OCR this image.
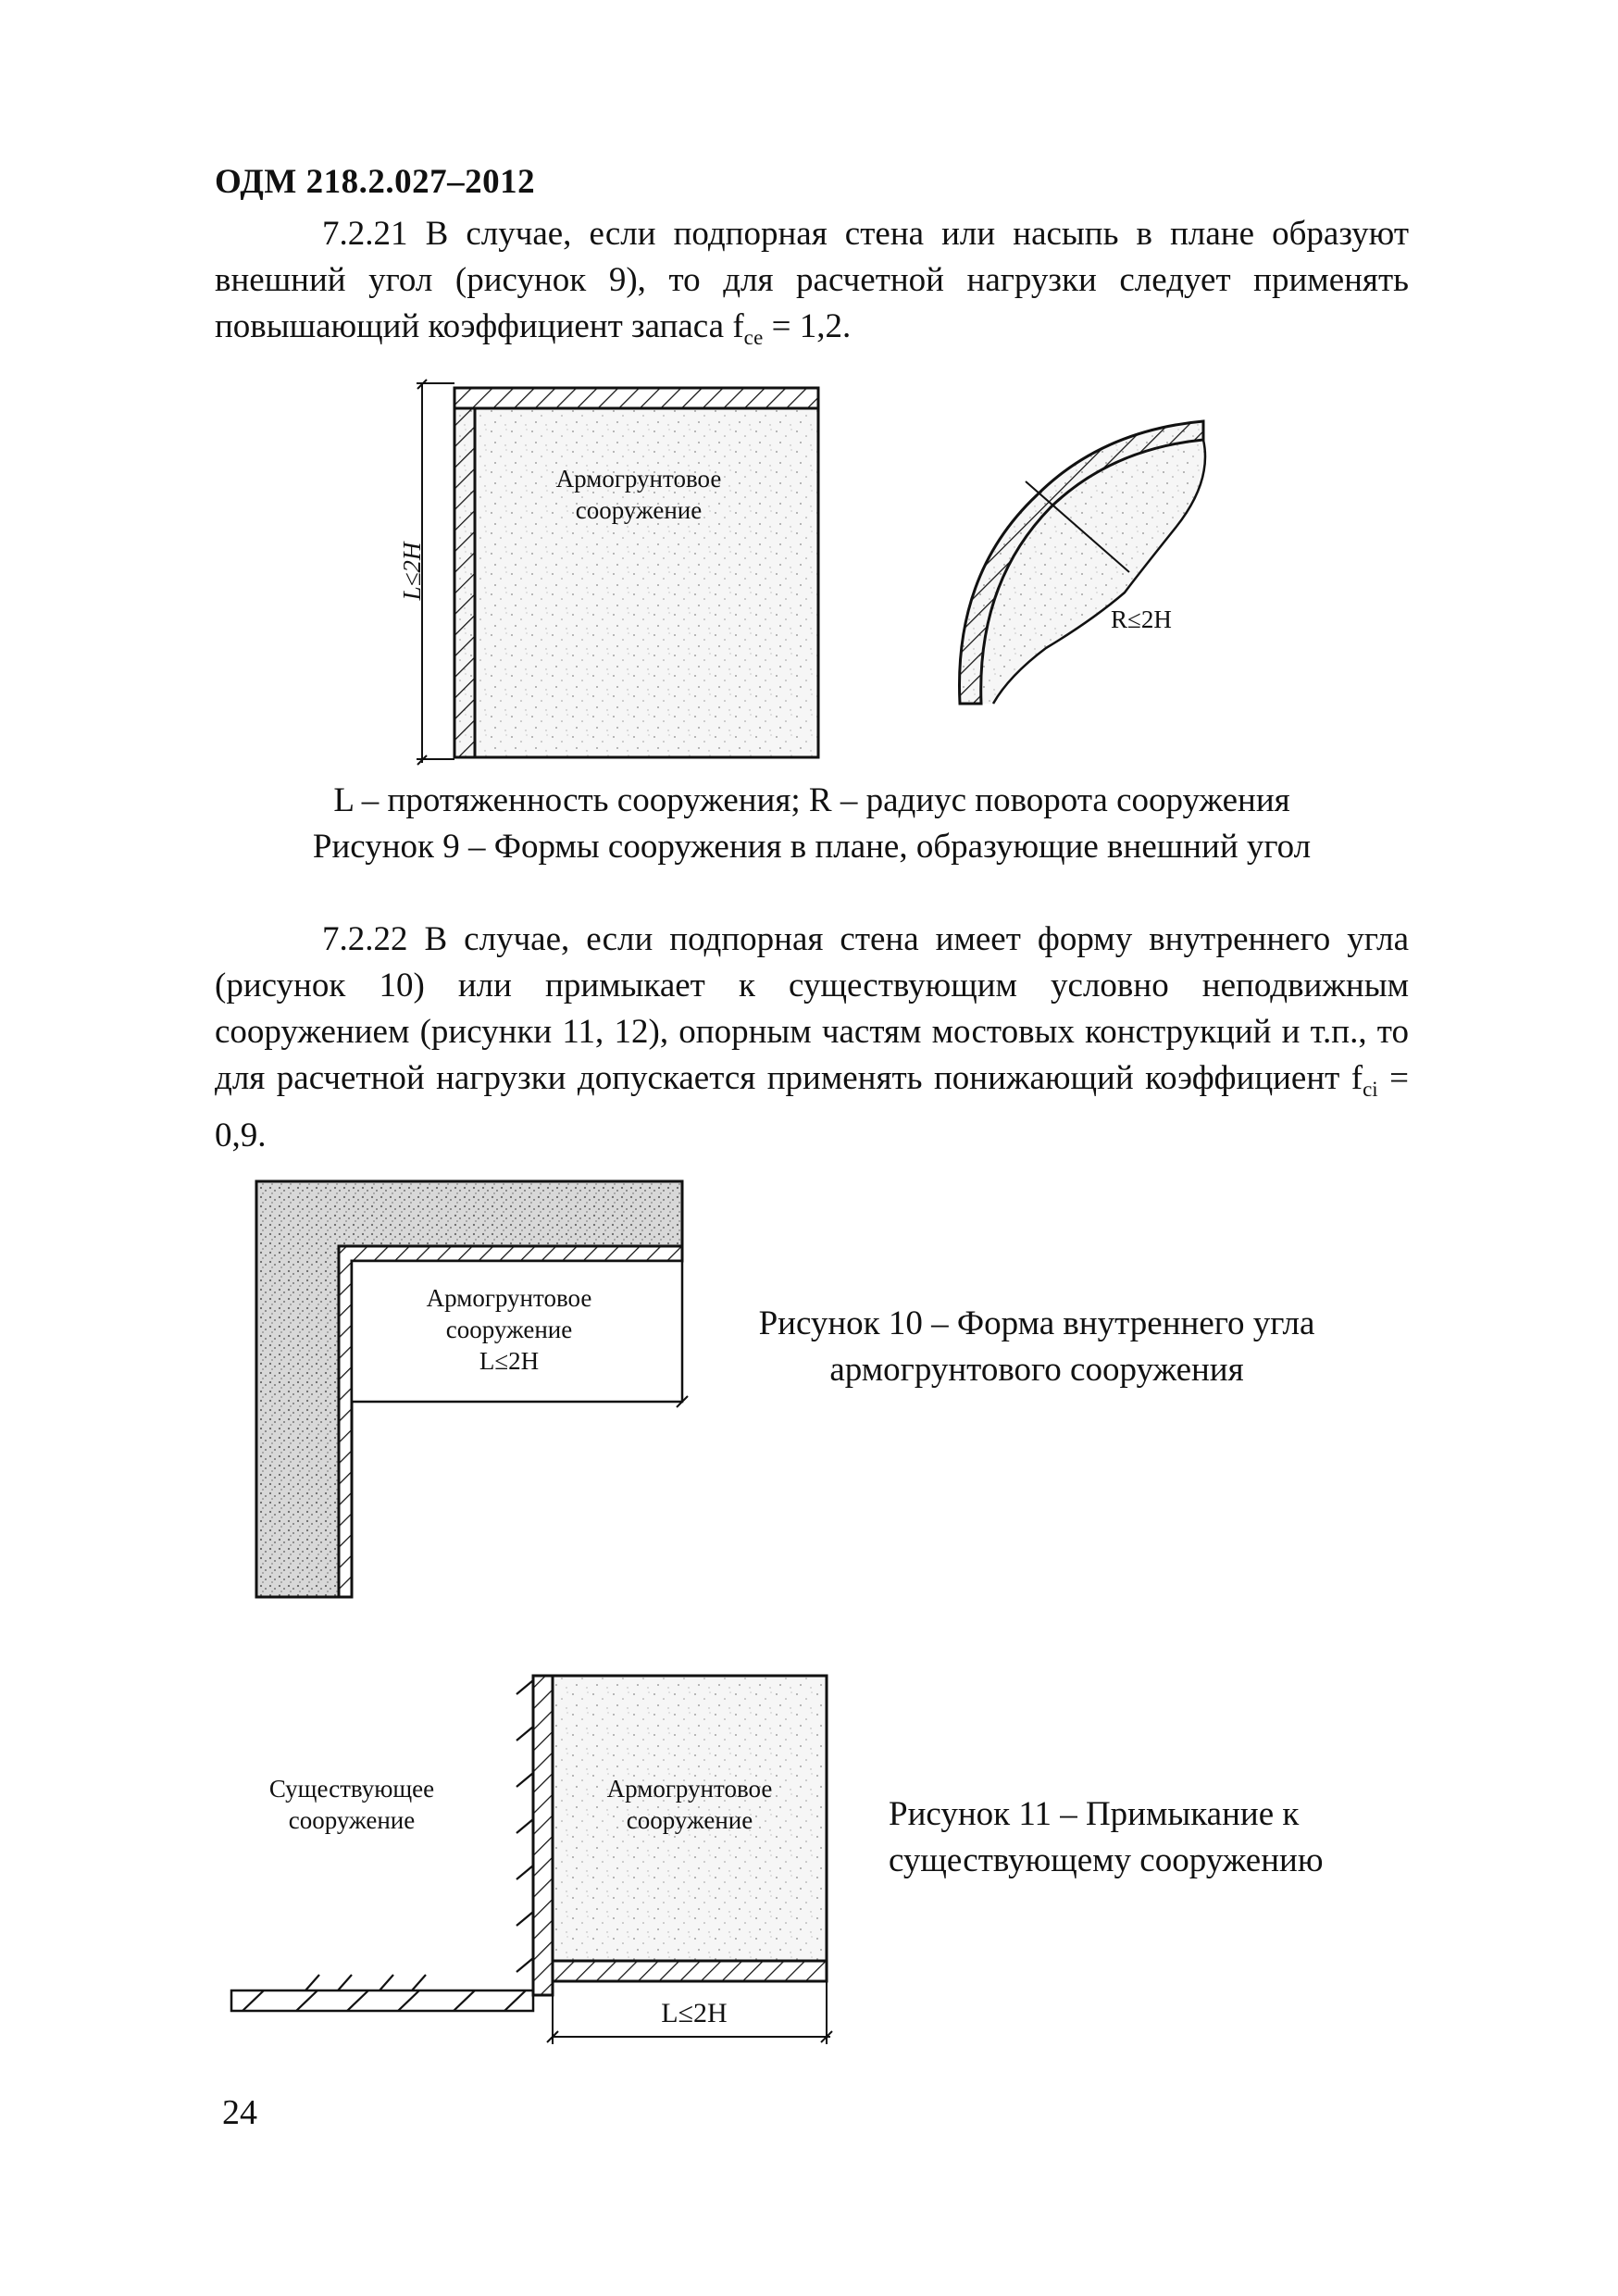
ОДМ 218.2.027–2012

7.2.21 В случае, если подпорная стена или насыпь в плане образуют внешний угол (рисунок 9), то для расчетной нагрузки следует применять повышающий коэффициент запаса $f_{се} = 1,2$.

Армогрунтовое
сооружение
L≤2H
R≤2H
L – протяженность сооружения; R – радиус поворота сооружения
Рисунок 9 – Формы сооружения в плане, образующие внешний угол

7.2.22 В случае, если подпорная стена имеет форму внутреннего угла (рисунок 10) или примыкает к существующим условно неподвижным сооружением (рисунки 11, 12), опорным частям мостовых конструкций и т.п., то для расчетной нагрузки допускается применять понижающий коэффициент $f_{ci} = 0,9$.

Армогрунтовое
сооружение
L≤2H
Рисунок 10 – Форма внутреннего угла
армогрунтового сооружения
Существующее
сооружение
Армогрунтовое
сооружение
L≤2H
Рисунок 11 – Примыкание к
существующему сооружению
24
